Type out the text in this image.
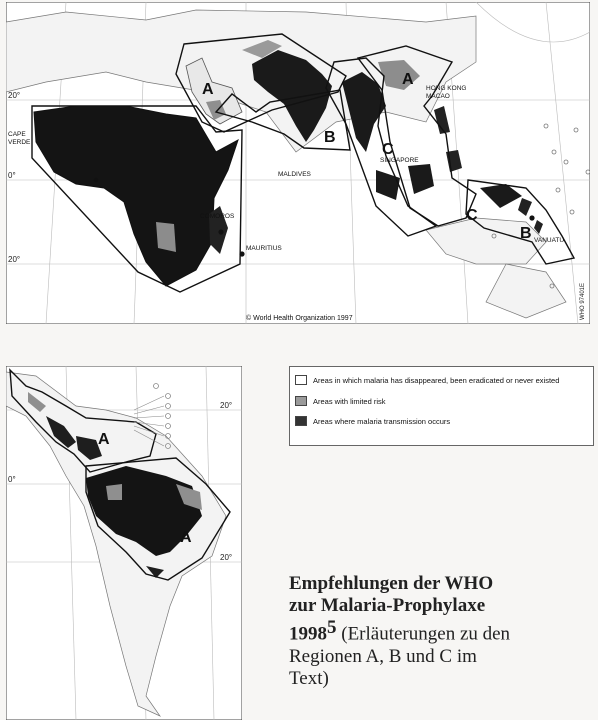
A
B
C
A
C
B
CAPE
VERDE
COMOROS
MAURITIUS
MALDIVES
SINGAPORE
HONG KONG
MACAO
VANUATU
20°
0°
20°
© World Health Organization 1997	WHO 97401E
A
A
20°
0°
20°
Areas in which malaria has disappeared, been eradicated or never existed
Areas with limited risk
Areas where malaria transmission occurs
Empfehlungen der WHO
zur Malaria-Prophylaxe
1998$^5$ (Erläuterungen zu den
Regionen A, B und C im
Text)
